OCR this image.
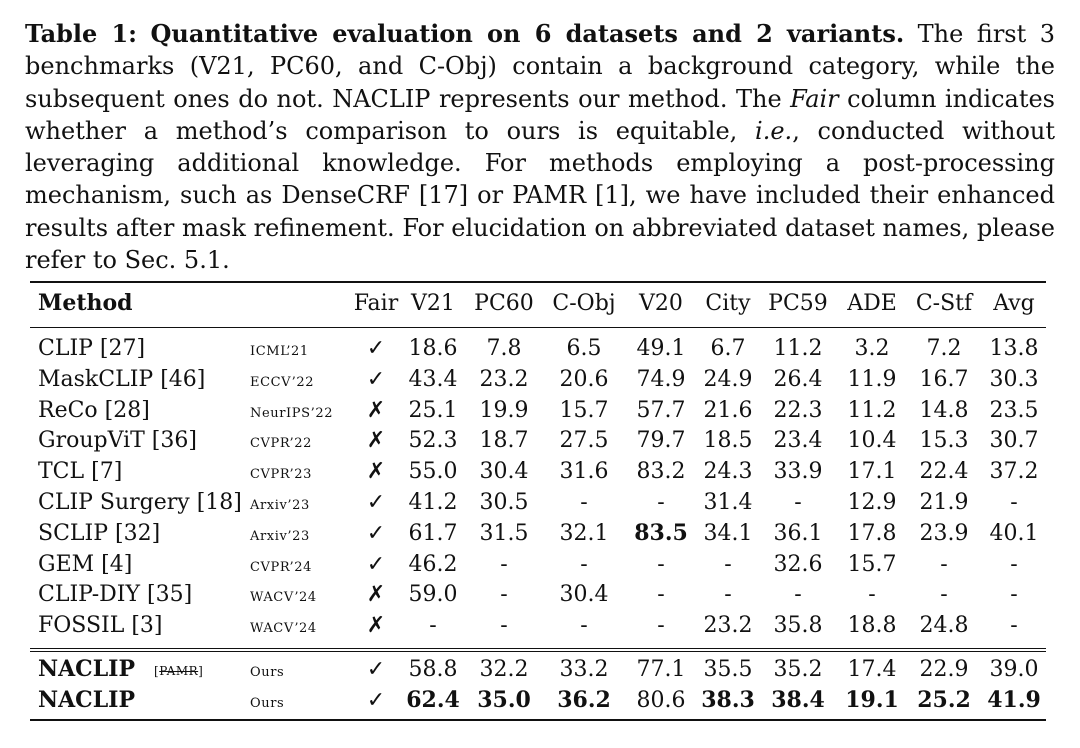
Table 1: Quantitative evaluation on 6 datasets and 2 variants. The first 3 benchmarks (V21, PC60, and C-Obj) contain a background category, while the subsequent ones do not. NACLIP represents our method. The Fair column indicates whether a method’s comparison to ours is equitable, i.e., conducted without leveraging additional knowledge. For methods employing a post-processing mechanism, such as DenseCRF [17] or PAMR [1], we have included their enhanced results after mask refinement. For elucidation on abbreviated dataset names, please refer to Sec. 5.1.
Method	Fair V21 PC60 C-Obj	V20	City PC59 ADE C-Stf Avg
CLIP [27]	ICML’21	✓	18.6	7.8	6.5	49.1	6.7	11.2	3.2	7.2	13.8
MaskCLIP [46]	ECCV’22	✓	43.4	23.2	20.6	74.9 24.9 26.4	11.9	16.7 30.3
ReCo [28]	NeurIPS’22	✗	25.1	19.9	15.7	57.7 21.6 22.3	11.2	14.8 23.5
GroupViT [36]	CVPR’22	✗	52.3	18.7	27.5	79.7 18.5 23.4	10.4	15.3 30.7
TCL [7]	CVPR’23	✗	55.0	30.4	31.6	83.2 24.3 33.9	17.1	22.4 37.2
CLIP Surgery [18] Arxiv’23	✓	41.2	30.5	-	-	31.4	-	12.9	21.9	-
SCLIP [32]	Arxiv’23	✓	61.7	31.5	32.1	83.5 34.1 36.1	17.8	23.9 40.1
GEM [4]	CVPR’24	✓	46.2	-	-	-	-	32.6	15.7	-	-
CLIP-DIY [35]	WACV’24	✗	59.0	-	30.4	-	-	-	-	-	-
FOSSIL [3]	WACV’24	✗	-	-	-	-	23.2 35.8	18.8	24.8	-
NACLIP [PAMR]	Ours	✓	58.8	32.2	33.2	77.1 35.5 35.2	17.4	22.9 39.0
NACLIP	Ours	✓ 62.4 35.0	36.2	80.6 38.3 38.4 19.1 25.2 41.9
